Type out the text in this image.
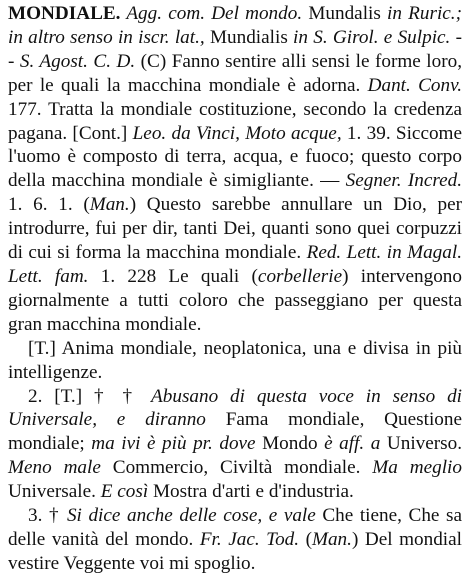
MONDIALE. Agg. com. Del mondo. Mundalis in Ruric.; in altro senso in iscr. lat., Mundialis in S. Girol. e Sulpic. -- S. Agost. C. D. (C) Fanno sentire alli sensi le forme loro, per le quali la macchina mondiale è adorna. Dant. Conv. 177. Tratta la mondiale costituzione, secondo la credenza pagana. [Cont.] Leo. da Vinci, Moto acque, 1. 39. Siccome l'uomo è composto di terra, acqua, e fuoco; questo corpo della macchina mondiale è simigliante. — Segner. Incred. 1. 6. 1. (Man.) Questo sarebbe annullare un Dio, per introdurre, fui per dir, tanti Dei, quanti sono quei corpuzzi di cui si forma la macchina mondiale. Red. Lett. in Magal. Lett. fam. 1. 228 Le quali (corbellerie) intervengono giornalmente a tutti coloro che passeggiano per questa gran macchina mondiale.

[T.] Anima mondiale, neoplatonica, una e divisa in più intelligenze.

2. [T.] † † Abusano di questa voce in senso di Universale, e diranno Fama mondiale, Questione mondiale; ma ivi è più pr. dove Mondo è aff. a Universo. Meno male Commercio, Civiltà mondiale. Ma meglio Universale. E così Mostra d'arti e d'industria.

3. † Si dice anche delle cose, e vale Che tiene, Che sa delle vanità del mondo. Fr. Jac. Tod. (Man.) Del mondial vestire Veggente voi mi spoglio.
